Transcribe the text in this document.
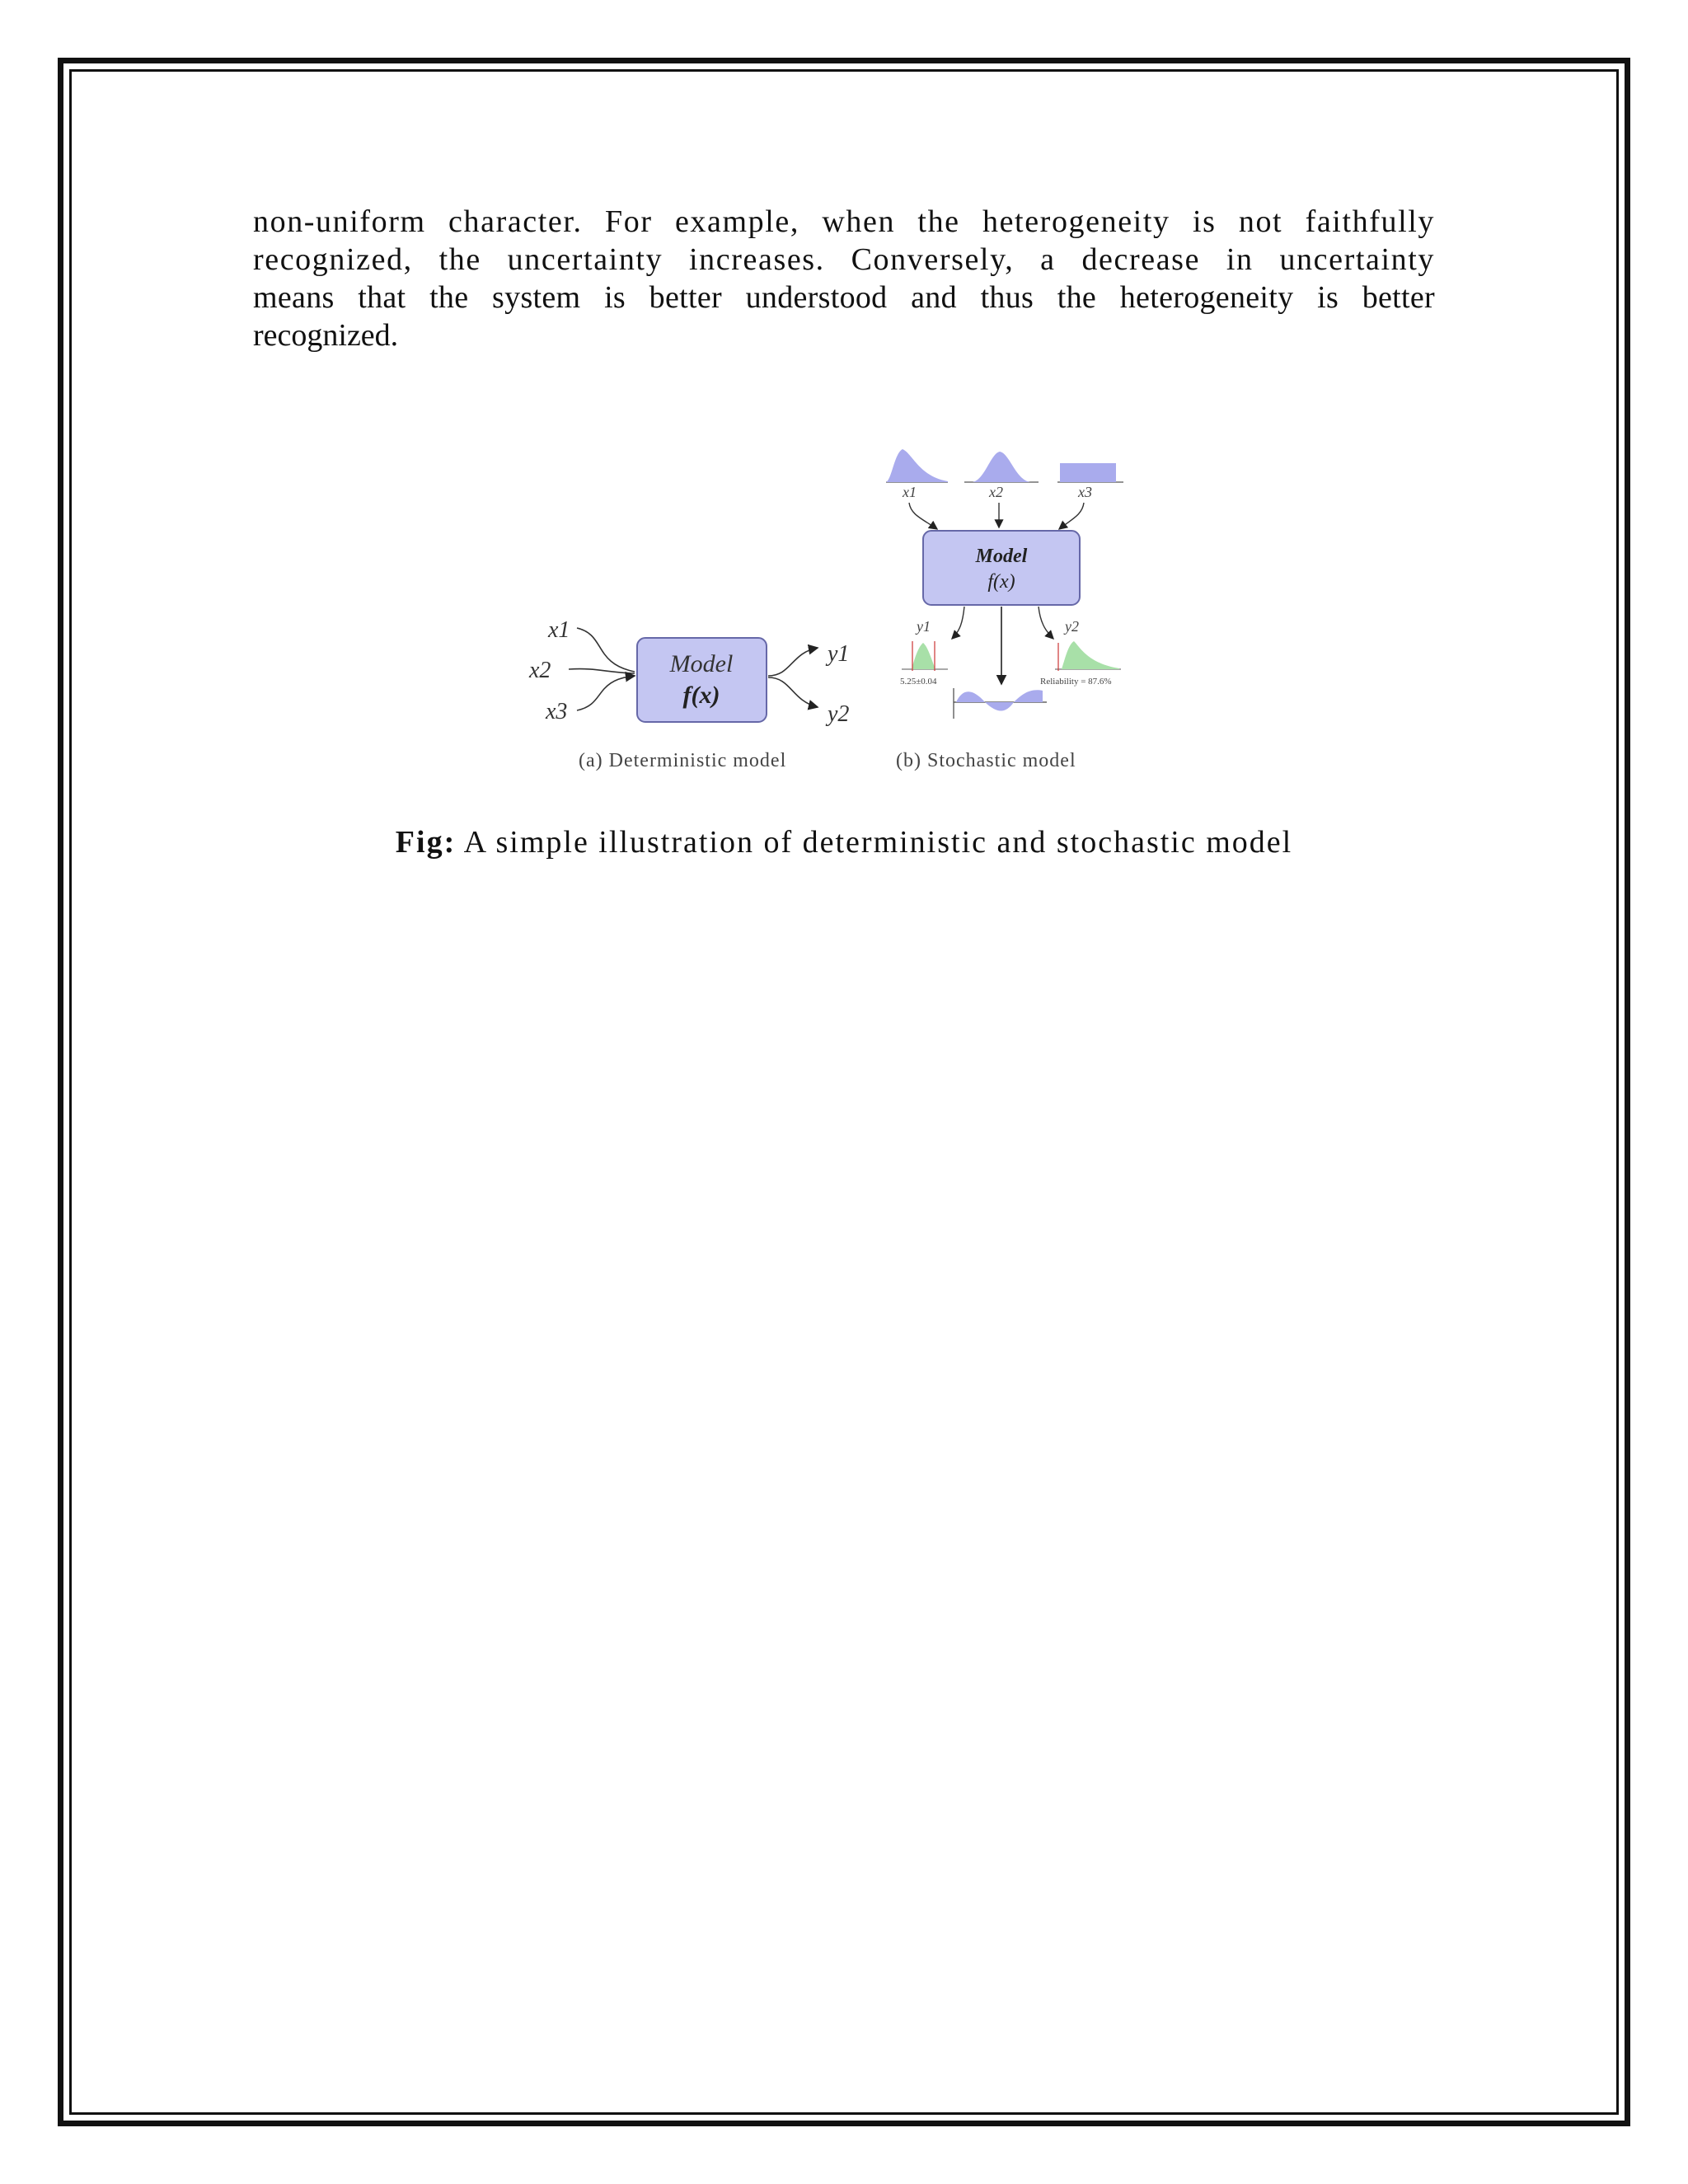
non-uniform character. For example, when the heterogeneity is not faithfully
recognized, the uncertainty increases. Conversely, a decrease in uncertainty
means that the system is better understood and thus the heterogeneity is better
recognized.
x1
x2
x3
Model
f(x)
y1
y2
(a) Deterministic model
x1	x2	x3
Model
f(x)
y1	y2
5.25±0.04	Reliability = 87.6%
(b) Stochastic model
Fig: A simple illustration of deterministic and stochastic model
